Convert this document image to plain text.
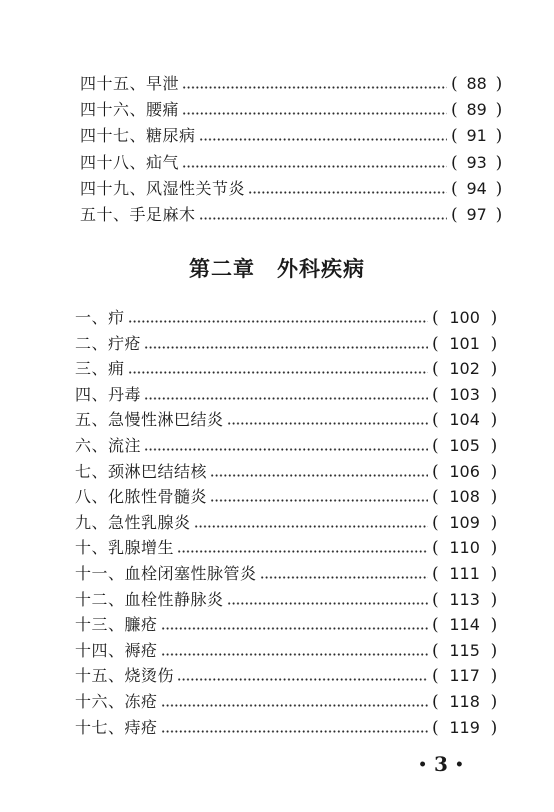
四十五、早泄	( 88 )
四十六、腰痛	( 89 )
四十七、糖尿病	( 91 )
四十八、疝气	( 93 )
四十九、风湿性关节炎	( 94 )
五十、手足麻木	( 97 )
第二章　外科疾病
一、疖	( 100 )
二、疔疮	( 101 )
三、痈	( 102 )
四、丹毒	( 103 )
五、急慢性淋巴结炎	( 104 )
六、流注	( 105 )
七、颈淋巴结结核	( 106 )
八、化脓性骨髓炎	( 108 )
九、急性乳腺炎	( 109 )
十、乳腺增生	( 110 )
十一、血栓闭塞性脉管炎	( 111 )
十二、血栓性静脉炎	( 113 )
十三、臁疮	( 114 )
十四、褥疮	( 115 )
十五、烧烫伤	( 117 )
十六、冻疮	( 118 )
十七、痔疮	( 119 )
• 3 •
